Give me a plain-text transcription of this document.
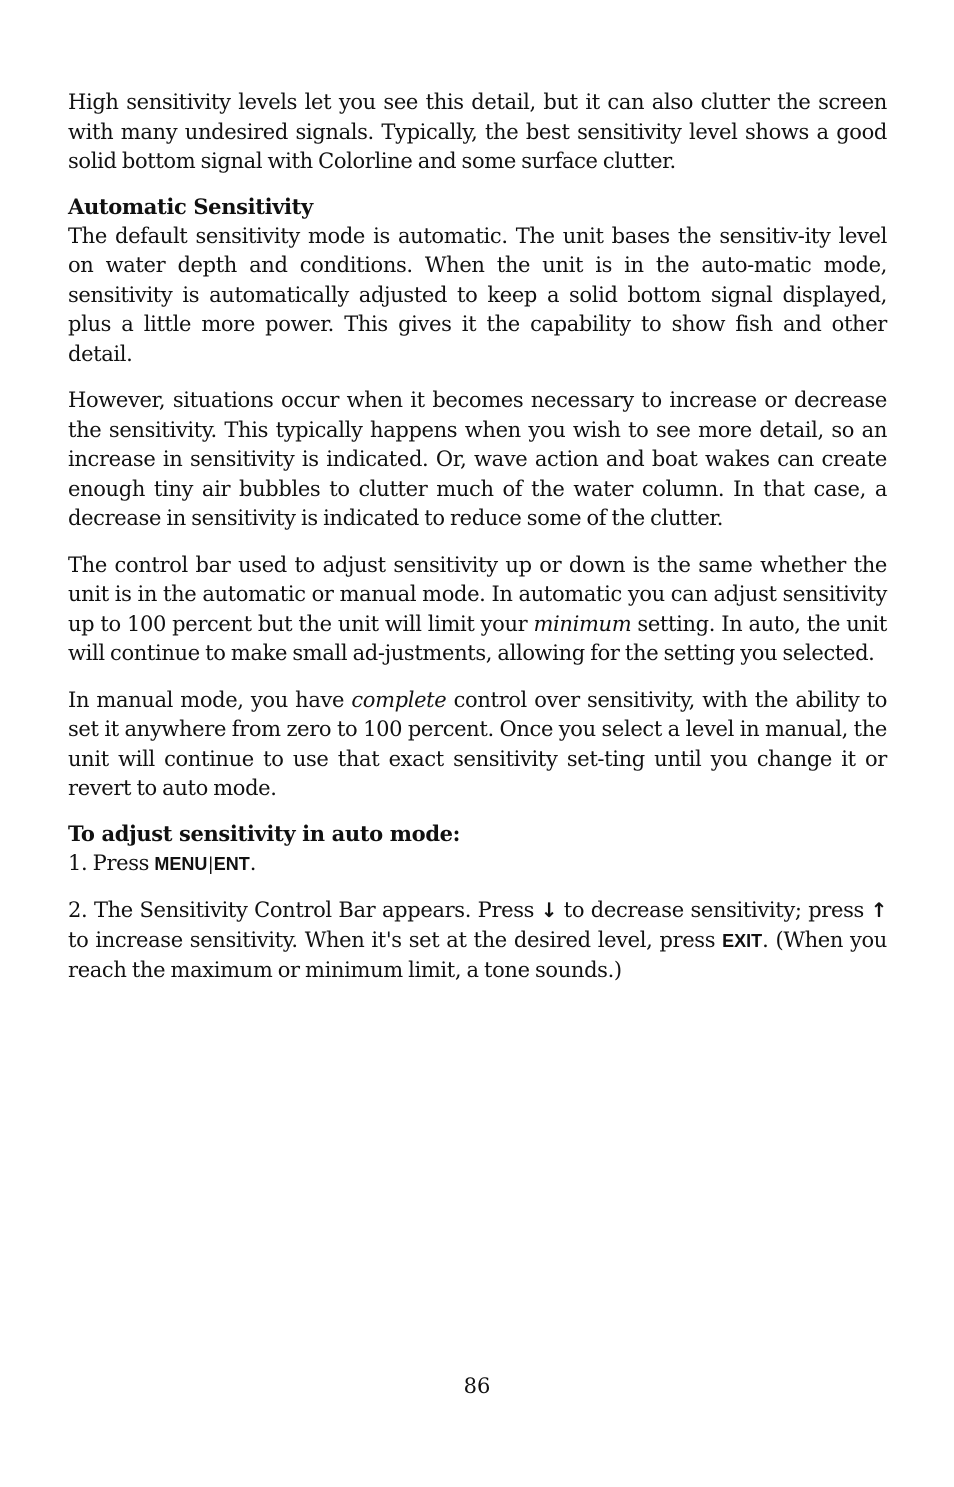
High sensitivity levels let you see this detail, but it can also clutter the screen with many undesired signals. Typically, the best sensitivity level shows a good solid bottom signal with Colorline and some surface clutter.

Automatic Sensitivity

The default sensitivity mode is automatic. The unit bases the sensitiv-ity level on water depth and conditions. When the unit is in the auto-matic mode, sensitivity is automatically adjusted to keep a solid bottom signal displayed, plus a little more power. This gives it the capability to show fish and other detail.

However, situations occur when it becomes necessary to increase or decrease the sensitivity. This typically happens when you wish to see more detail, so an increase in sensitivity is indicated. Or, wave action and boat wakes can create enough tiny air bubbles to clutter much of the water column. In that case, a decrease in sensitivity is indicated to reduce some of the clutter.

The control bar used to adjust sensitivity up or down is the same whether the unit is in the automatic or manual mode. In automatic you can adjust sensitivity up to 100 percent but the unit will limit your minimum setting. In auto, the unit will continue to make small ad-justments, allowing for the setting you selected.

In manual mode, you have complete control over sensitivity, with the ability to set it anywhere from zero to 100 percent. Once you select a level in manual, the unit will continue to use that exact sensitivity set-ting until you change it or revert to auto mode.

To adjust sensitivity in auto mode:

1. Press MENU|ENT.

2. The Sensitivity Control Bar appears. Press ↓ to decrease sensitivity; press ↑ to increase sensitivity. When it's set at the desired level, press EXIT. (When you reach the maximum or minimum limit, a tone sounds.)

86
